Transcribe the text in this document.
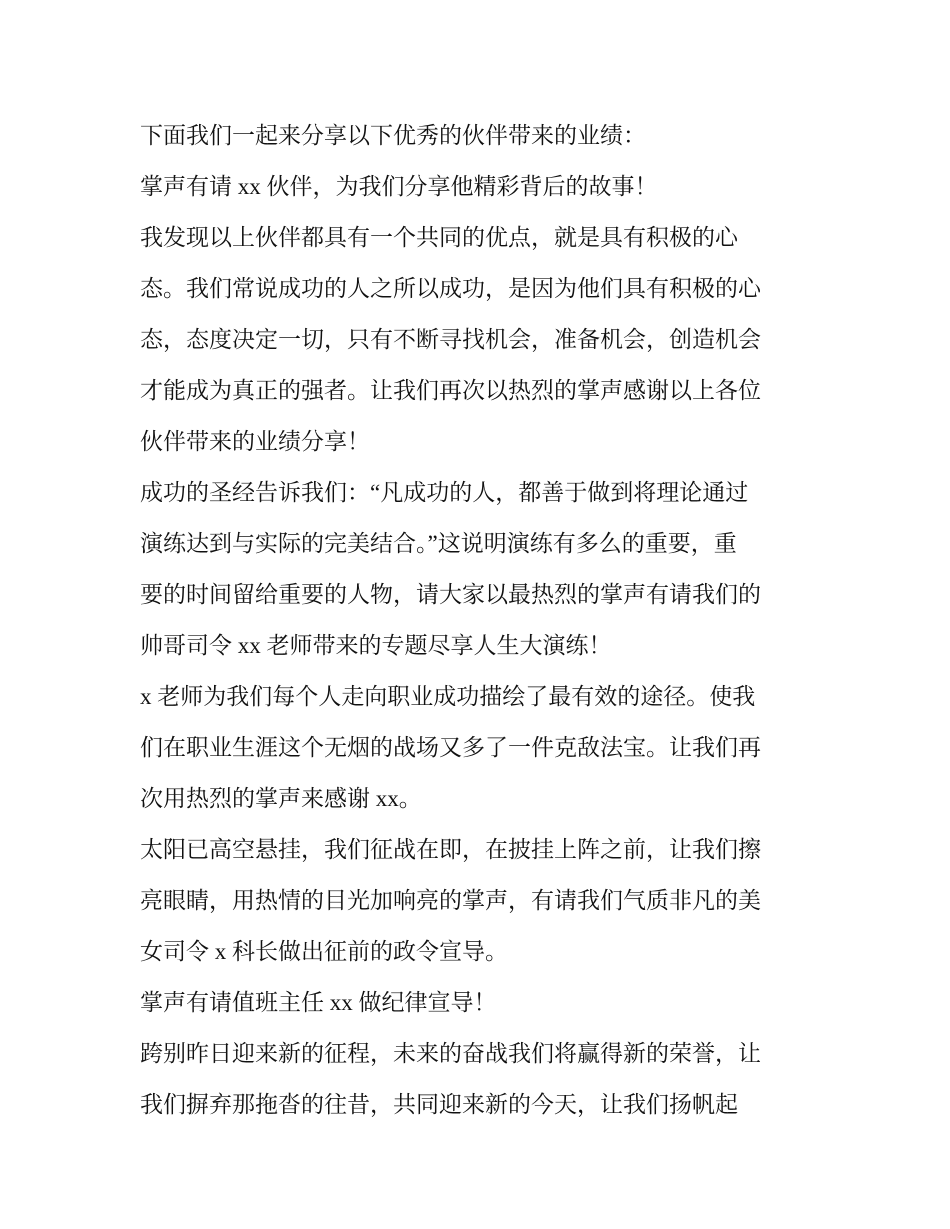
下面我们一起来分享以下优秀的伙伴带来的业绩：
掌声有请 xx 伙伴，为我们分享他精彩背后的故事！
我发现以上伙伴都具有一个共同的优点，就是具有积极的心
态。我们常说成功的人之所以成功，是因为他们具有积极的心
态，态度决定一切，只有不断寻找机会，准备机会，创造机会
才能成为真正的强者。让我们再次以热烈的掌声感谢以上各位
伙伴带来的业绩分享！
成功的圣经告诉我们：“凡成功的人，都善于做到将理论通过
演练达到与实际的完美结合。”这说明演练有多么的重要，重
要的时间留给重要的人物，请大家以最热烈的掌声有请我们的
帅哥司令 xx 老师带来的专题尽享人生大演练！
x 老师为我们每个人走向职业成功描绘了最有效的途径。使我
们在职业生涯这个无烟的战场又多了一件克敌法宝。让我们再
次用热烈的掌声来感谢 xx。
太阳已高空悬挂，我们征战在即，在披挂上阵之前，让我们擦
亮眼睛，用热情的目光加响亮的掌声，有请我们气质非凡的美
女司令 x 科长做出征前的政令宣导。
掌声有请值班主任 xx 做纪律宣导！
跨别昨日迎来新的征程，未来的奋战我们将赢得新的荣誉，让
我们摒弃那拖沓的往昔，共同迎来新的今天，让我们扬帆起
